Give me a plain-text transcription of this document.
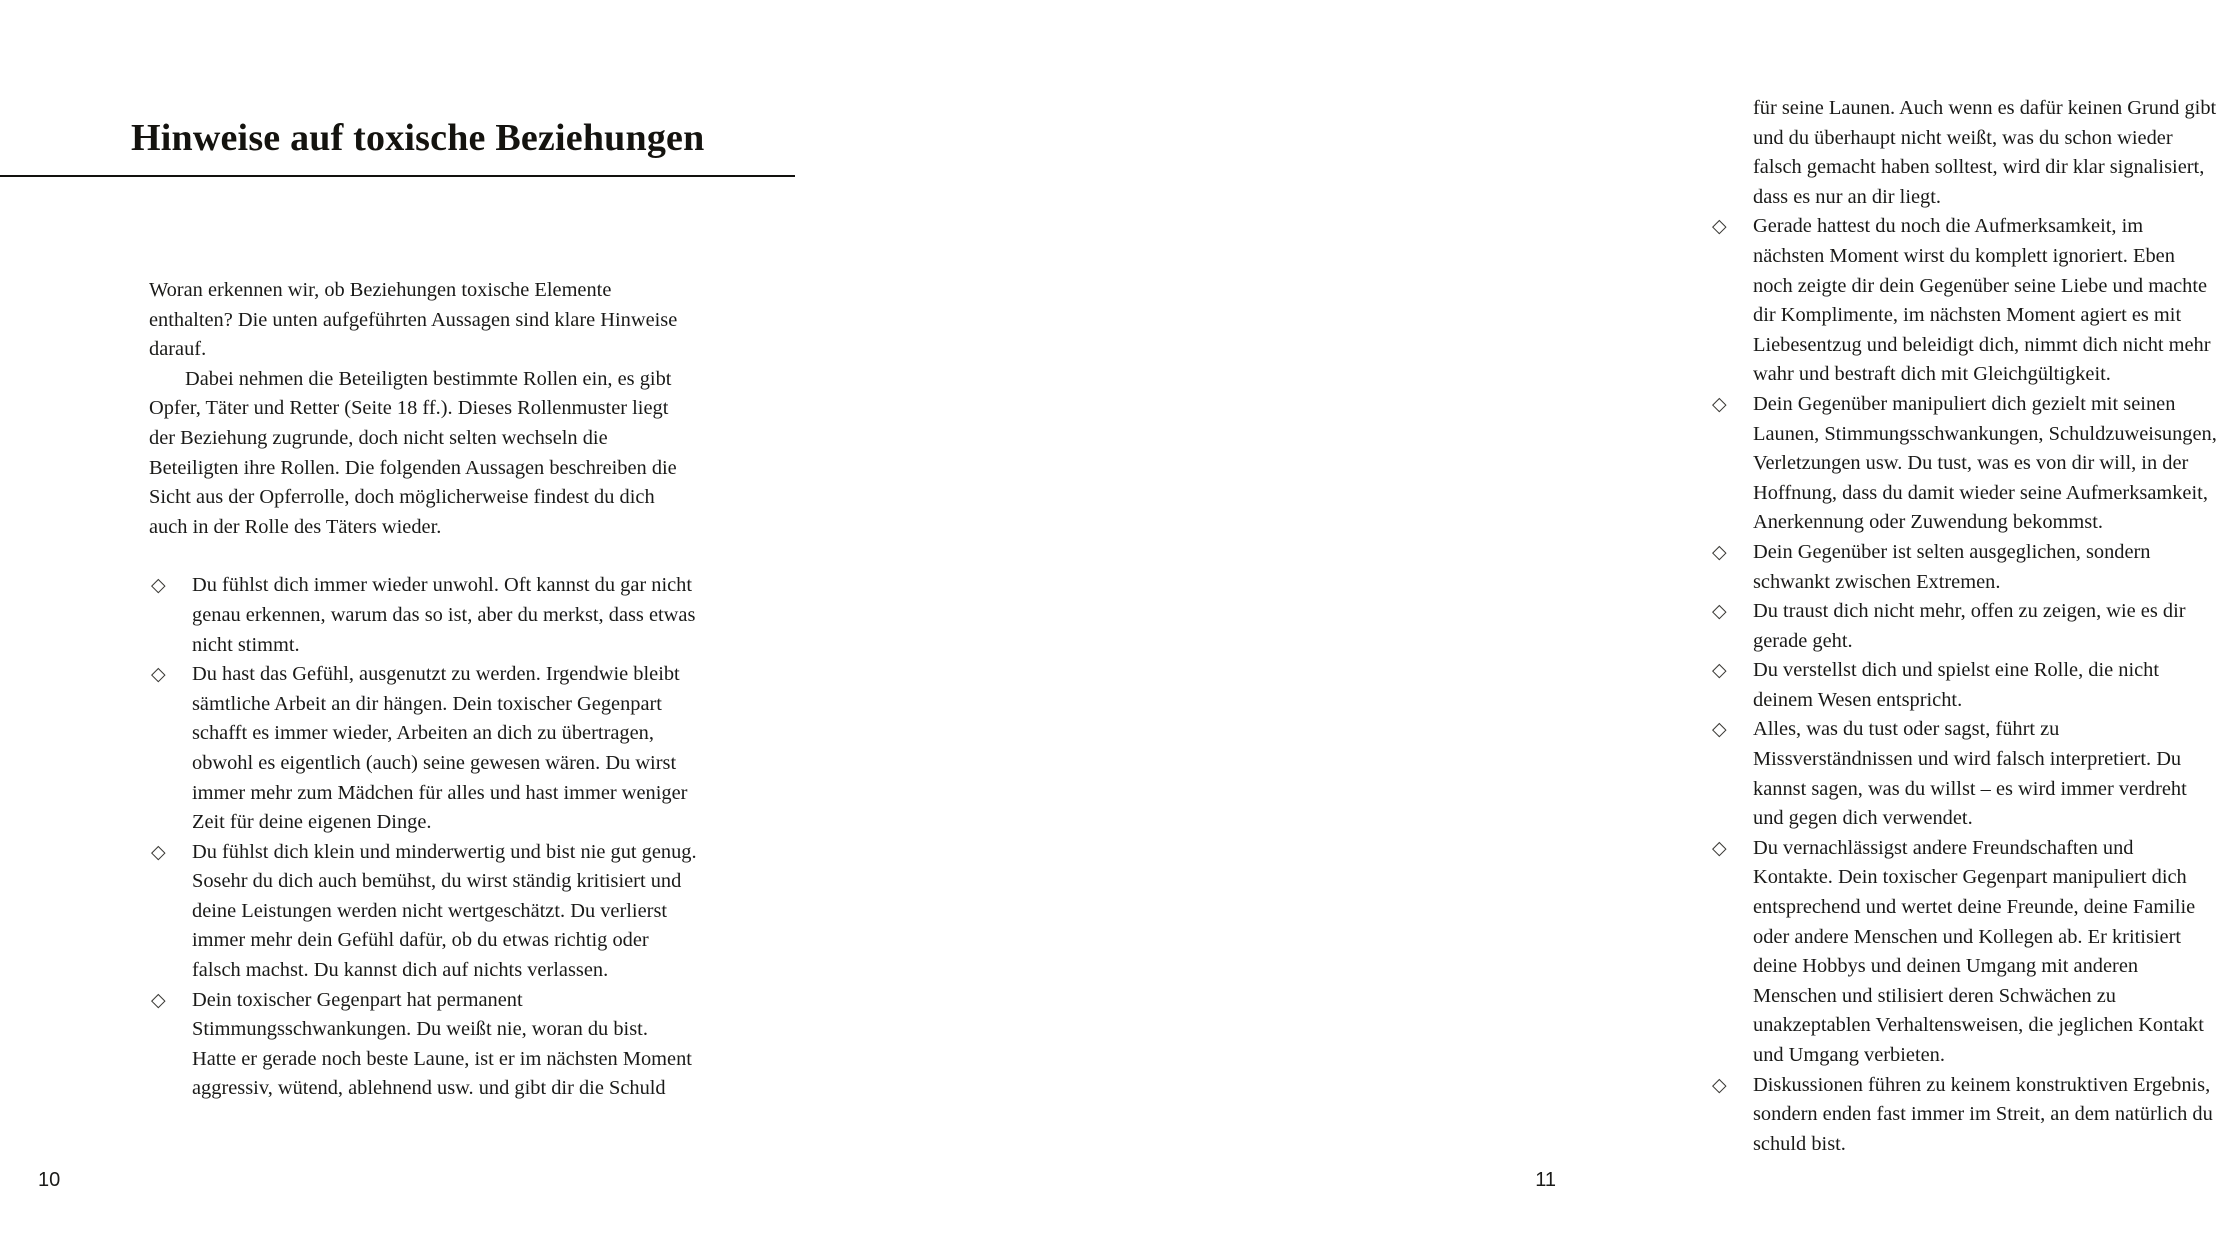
Hinweise auf toxische Beziehungen

Woran erkennen wir, ob Beziehungen toxische Elemente enthalten? Die unten aufgeführten Aussagen sind klare Hinweise darauf.

Dabei nehmen die Beteiligten bestimmte Rollen ein, es gibt Opfer, Täter und Retter (Seite 18 ff.). Dieses Rollenmuster liegt der Beziehung zugrunde, doch nicht selten wechseln die Beteiligten ihre Rollen. Die folgenden Aussagen beschreiben die Sicht aus der Opferrolle, doch möglicherweise findest du dich auch in der Rolle des Täters wieder.

◇	Du fühlst dich immer wieder unwohl. Oft kannst du gar nicht genau erkennen, warum das so ist, aber du merkst, dass etwas nicht stimmt.
◇	Du hast das Gefühl, ausgenutzt zu werden. Irgendwie bleibt sämtliche Arbeit an dir hängen. Dein toxischer Gegenpart schafft es immer wieder, Arbeiten an dich zu übertragen, obwohl es eigentlich (auch) seine gewesen wären. Du wirst immer mehr zum Mädchen für alles und hast immer weniger Zeit für deine eigenen Dinge.
◇	Du fühlst dich klein und minderwertig und bist nie gut genug. Sosehr du dich auch bemühst, du wirst ständig kritisiert und deine Leistungen werden nicht wertgeschätzt. Du verlierst immer mehr dein Gefühl dafür, ob du etwas richtig oder falsch machst. Du kannst dich auf nichts verlassen.
◇	Dein toxischer Gegenpart hat permanent Stimmungsschwankungen. Du weißt nie, woran du bist. Hatte er gerade noch beste Laune, ist er im nächsten Moment aggressiv, wütend, ablehnend usw. und gibt dir die Schuld
10

für seine Launen. Auch wenn es dafür keinen Grund gibt und du überhaupt nicht weißt, was du schon wieder falsch gemacht haben solltest, wird dir klar signalisiert, dass es nur an dir liegt.

◇	Gerade hattest du noch die Aufmerksamkeit, im nächsten Moment wirst du komplett ignoriert. Eben noch zeigte dir dein Gegenüber seine Liebe und machte dir Komplimente, im nächsten Moment agiert es mit Liebesentzug und beleidigt dich, nimmt dich nicht mehr wahr und bestraft dich mit Gleichgültigkeit.
◇	Dein Gegenüber manipuliert dich gezielt mit seinen Launen, Stimmungsschwankungen, Schuldzuweisungen, Verletzungen usw. Du tust, was es von dir will, in der Hoffnung, dass du damit wieder seine Aufmerksamkeit, Anerkennung oder Zuwendung bekommst.
◇	Dein Gegenüber ist selten ausgeglichen, sondern schwankt zwischen Extremen.
◇	Du traust dich nicht mehr, offen zu zeigen, wie es dir gerade geht.
◇	Du verstellst dich und spielst eine Rolle, die nicht deinem Wesen entspricht.
◇	Alles, was du tust oder sagst, führt zu Missverständnissen und wird falsch interpretiert. Du kannst sagen, was du willst – es wird immer verdreht und gegen dich verwendet.
◇	Du vernachlässigst andere Freundschaften und Kontakte. Dein toxischer Gegenpart manipuliert dich entsprechend und wertet deine Freunde, deine Familie oder andere Menschen und Kollegen ab. Er kritisiert deine Hobbys und deinen Umgang mit anderen Menschen und stilisiert deren Schwächen zu unakzeptablen Verhaltensweisen, die jeglichen Kontakt und Umgang verbieten.
◇	Diskussionen führen zu keinem konstruktiven Ergebnis, sondern enden fast immer im Streit, an dem natürlich du schuld bist.
11
